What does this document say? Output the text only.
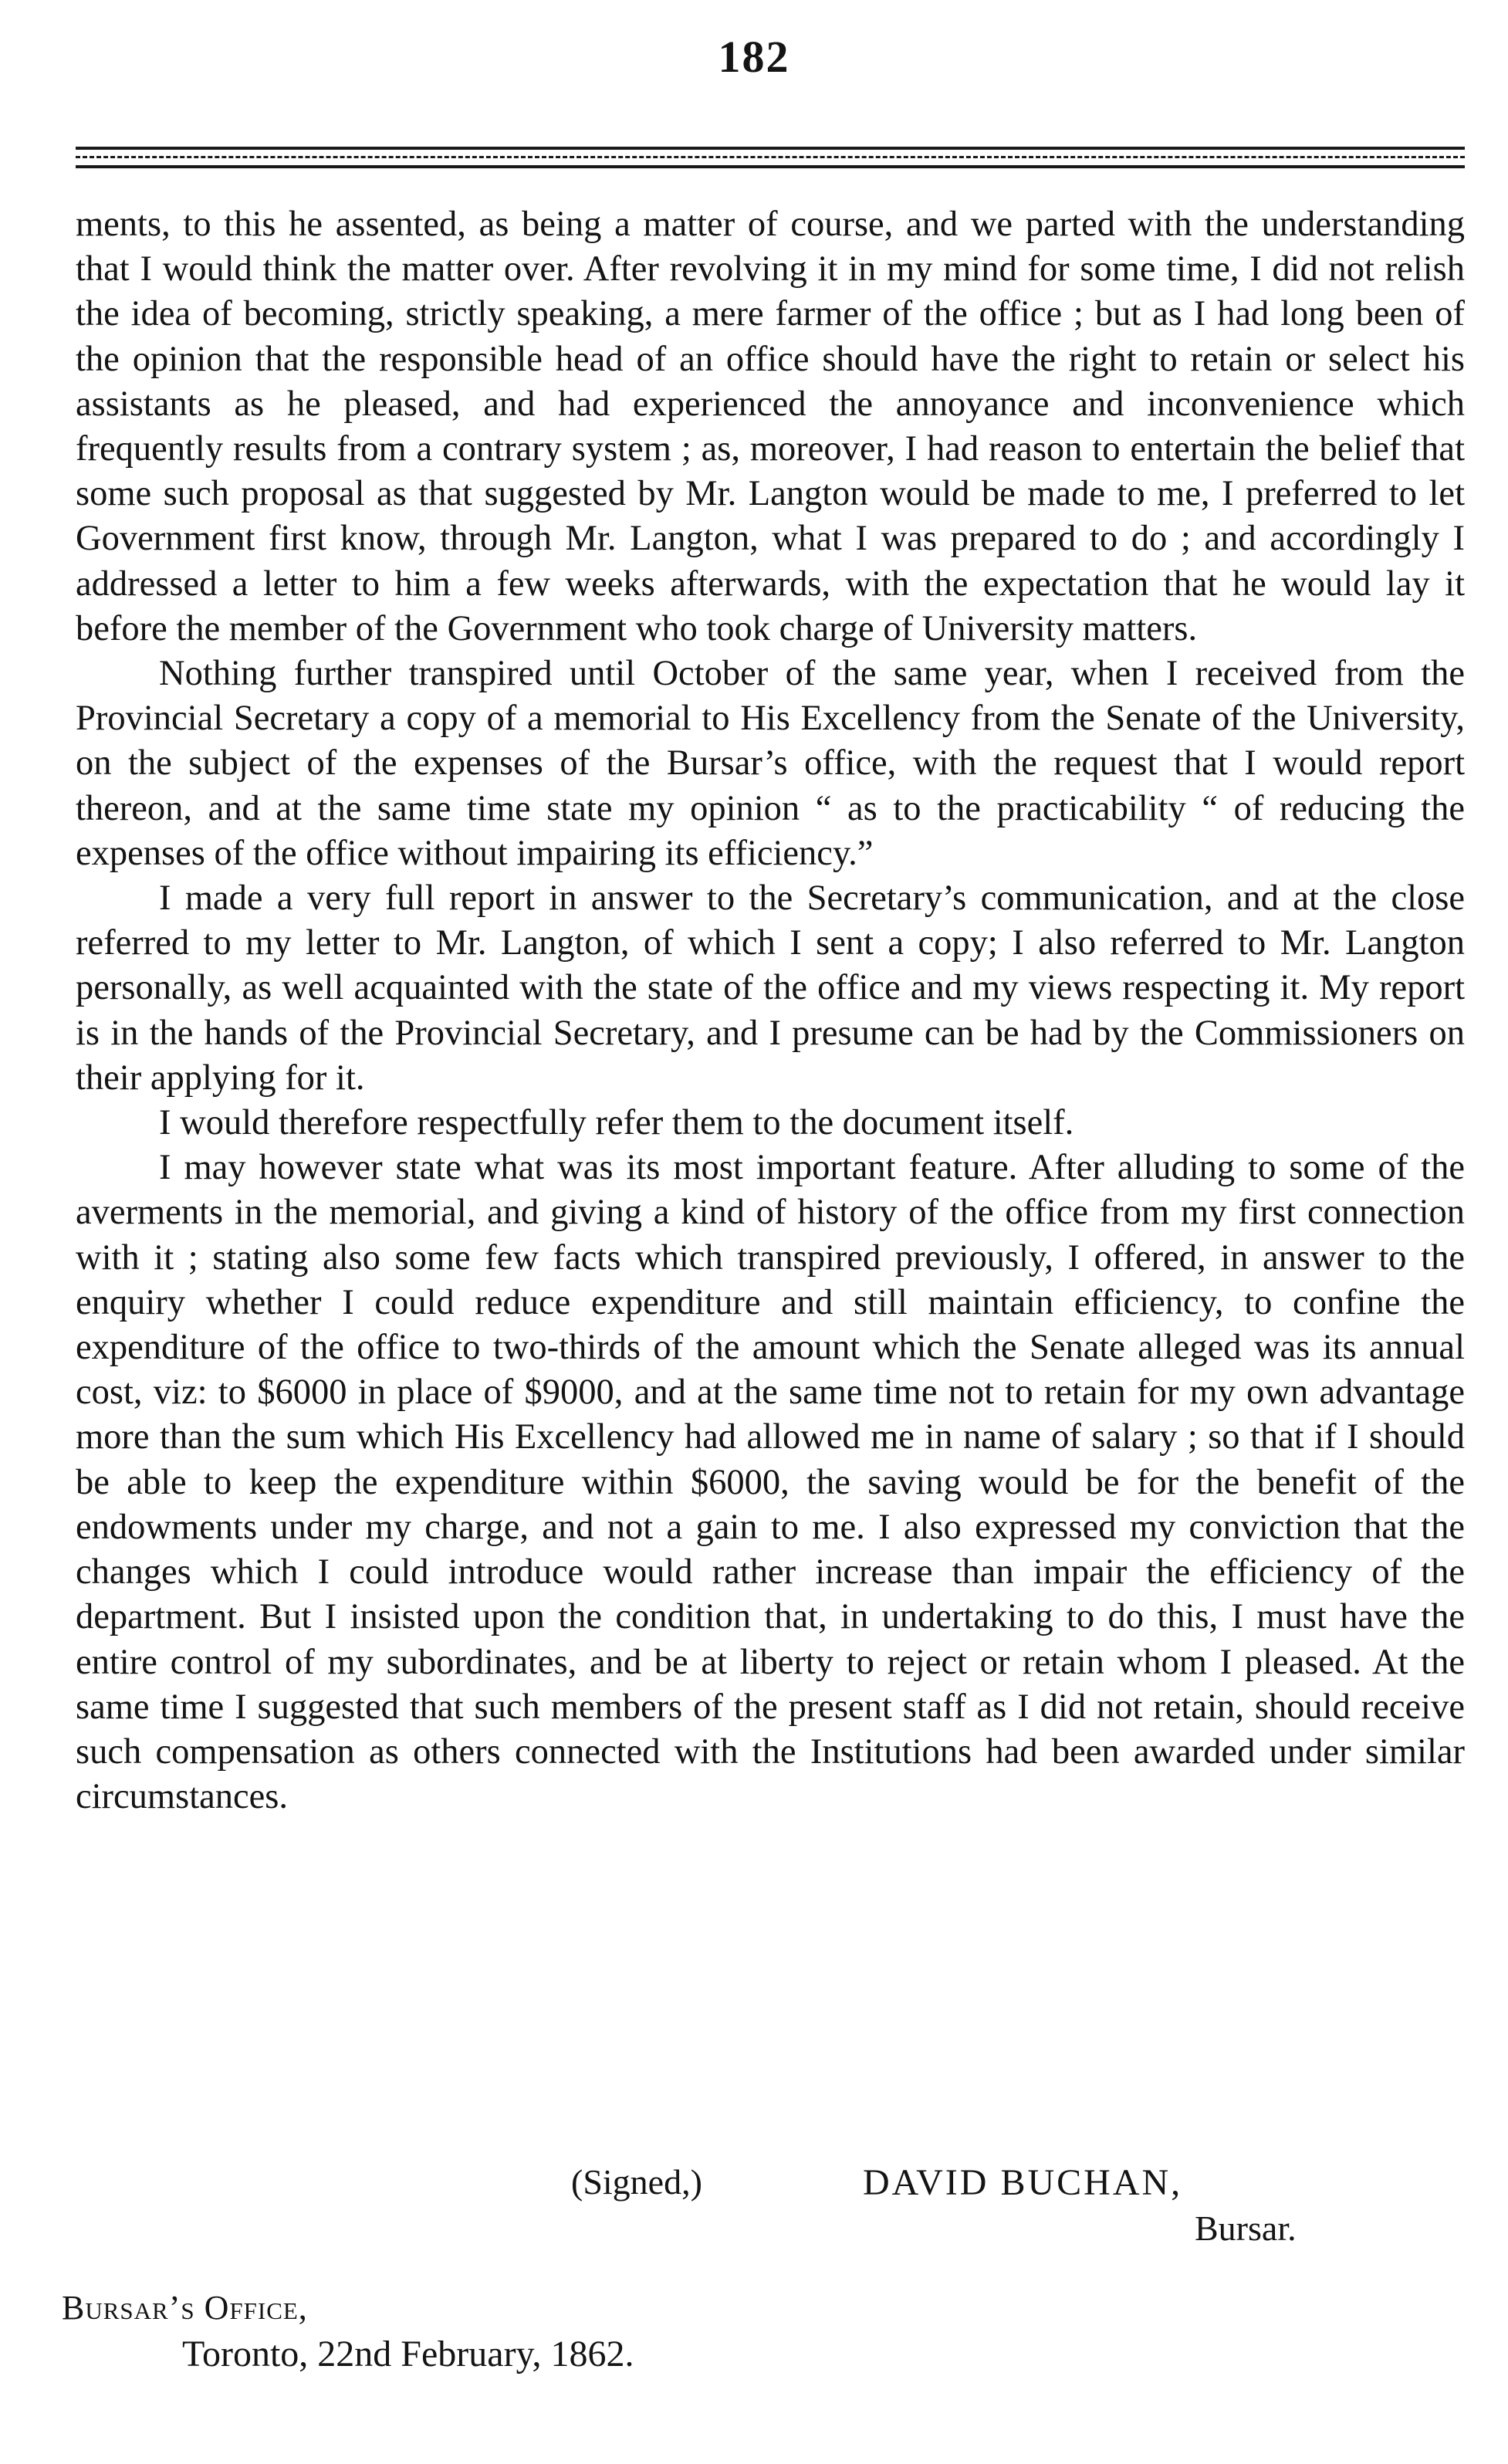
182

ments, to this he assented, as being a matter of course, and we parted with the understanding that I would think the matter over. After revolving it in my mind for some time, I did not relish the idea of becoming, strictly speaking, a mere farmer of the office ; but as I had long been of the opinion that the responsible head of an office should have the right to retain or select his assistants as he pleased, and had experienced the annoyance and inconvenience which frequently results from a contrary system ; as, moreover, I had reason to entertain the belief that some such proposal as that suggested by Mr. Langton would be made to me, I preferred to let Government first know, through Mr. Langton, what I was prepared to do ; and accordingly I addressed a letter to him a few weeks afterwards, with the expectation that he would lay it before the member of the Government who took charge of University matters.

Nothing further transpired until October of the same year, when I received from the Provincial Secretary a copy of a memorial to His Excellency from the Senate of the University, on the subject of the expenses of the Bursar’s office, with the request that I would report thereon, and at the same time state my opinion “ as to the practicability “ of reducing the expenses of the office without impairing its efficiency.”

I made a very full report in answer to the Secretary’s communication, and at the close referred to my letter to Mr. Langton, of which I sent a copy; I also referred to Mr. Langton personally, as well acquainted with the state of the office and my views respecting it. My report is in the hands of the Provincial Secretary, and I presume can be had by the Commissioners on their applying for it.

I would therefore respectfully refer them to the document itself.

I may however state what was its most important feature. After alluding to some of the averments in the memorial, and giving a kind of history of the office from my first connection with it ; stating also some few facts which transpired previously, I offered, in answer to the enquiry whether I could reduce expenditure and still maintain efficiency, to confine the expenditure of the office to two-thirds of the amount which the Senate alleged was its annual cost, viz: to $6000 in place of $9000, and at the same time not to retain for my own advantage more than the sum which His Excellency had allowed me in name of salary ; so that if I should be able to keep the expenditure within $6000, the saving would be for the benefit of the endowments under my charge, and not a gain to me. I also expressed my conviction that the changes which I could introduce would rather increase than impair the efficiency of the department. But I insisted upon the condition that, in undertaking to do this, I must have the entire control of my subordinates, and be at liberty to reject or retain whom I pleased. At the same time I suggested that such members of the present staff as I did not retain, should receive such compensation as others connected with the Institutions had been awarded under similar circumstances.

(Signed,)	DAVID BUCHAN,
Bursar.
Bursar’s Office,
Toronto, 22nd February, 1862.
